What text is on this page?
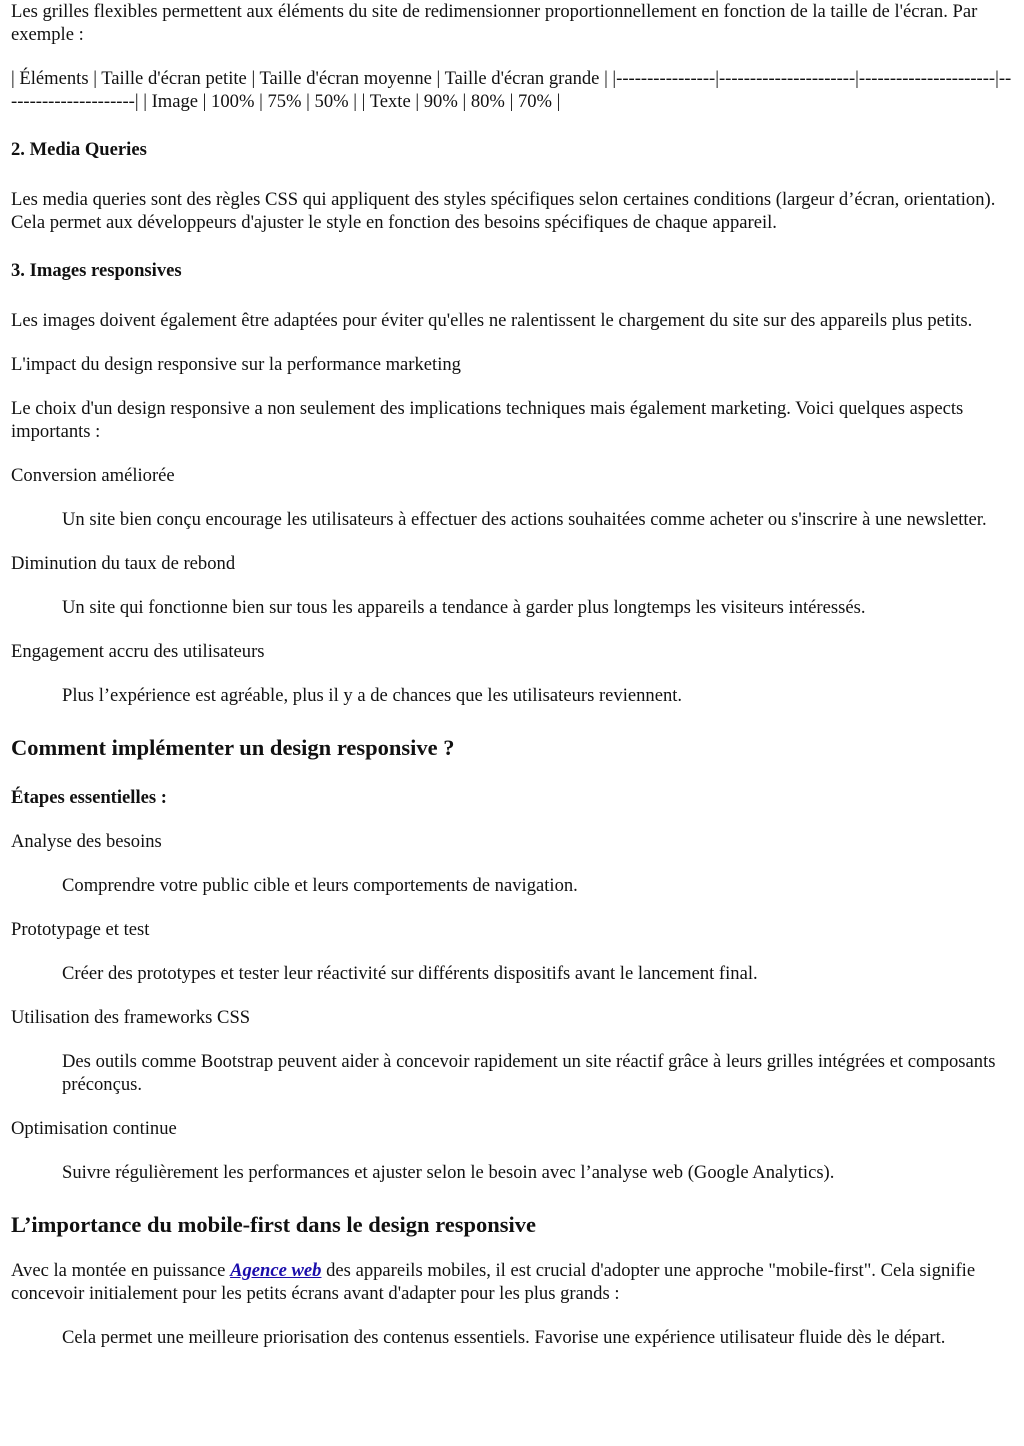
Les grilles flexibles permettent aux éléments du site de redimensionner proportionnellement en fonction de la taille de l'écran. Par exemple :

| Éléments | Taille d'écran petite | Taille d'écran moyenne | Taille d'écran grande | |----------------|----------------------|----------------------|----------------------| | Image | 100% | 75% | 50% | | Texte | 90% | 80% | 70% |

2. Media Queries

Les media queries sont des règles CSS qui appliquent des styles spécifiques selon certaines conditions (largeur d’écran, orientation). Cela permet aux développeurs d'ajuster le style en fonction des besoins spécifiques de chaque appareil.

3. Images responsives

Les images doivent également être adaptées pour éviter qu'elles ne ralentissent le chargement du site sur des appareils plus petits.

L'impact du design responsive sur la performance marketing

Le choix d'un design responsive a non seulement des implications techniques mais également marketing. Voici quelques aspects importants :

Conversion améliorée
Un site bien conçu encourage les utilisateurs à effectuer des actions souhaitées comme acheter ou s'inscrire à une newsletter.
Diminution du taux de rebond
Un site qui fonctionne bien sur tous les appareils a tendance à garder plus longtemps les visiteurs intéressés.
Engagement accru des utilisateurs
Plus l’expérience est agréable, plus il y a de chances que les utilisateurs reviennent.
Comment implémenter un design responsive ?
Étapes essentielles :
Analyse des besoins
Comprendre votre public cible et leurs comportements de navigation.
Prototypage et test
Créer des prototypes et tester leur réactivité sur différents dispositifs avant le lancement final.
Utilisation des frameworks CSS
Des outils comme Bootstrap peuvent aider à concevoir rapidement un site réactif grâce à leurs grilles intégrées et composants préconçus.
Optimisation continue
Suivre régulièrement les performances et ajuster selon le besoin avec l’analyse web (Google Analytics).
L’importance du mobile-first dans le design responsive

Avec la montée en puissance Agence web des appareils mobiles, il est crucial d'adopter une approche "mobile-first". Cela signifie concevoir initialement pour les petits écrans avant d'adapter pour les plus grands :

Cela permet une meilleure priorisation des contenus essentiels. Favorise une expérience utilisateur fluide dès le départ.
